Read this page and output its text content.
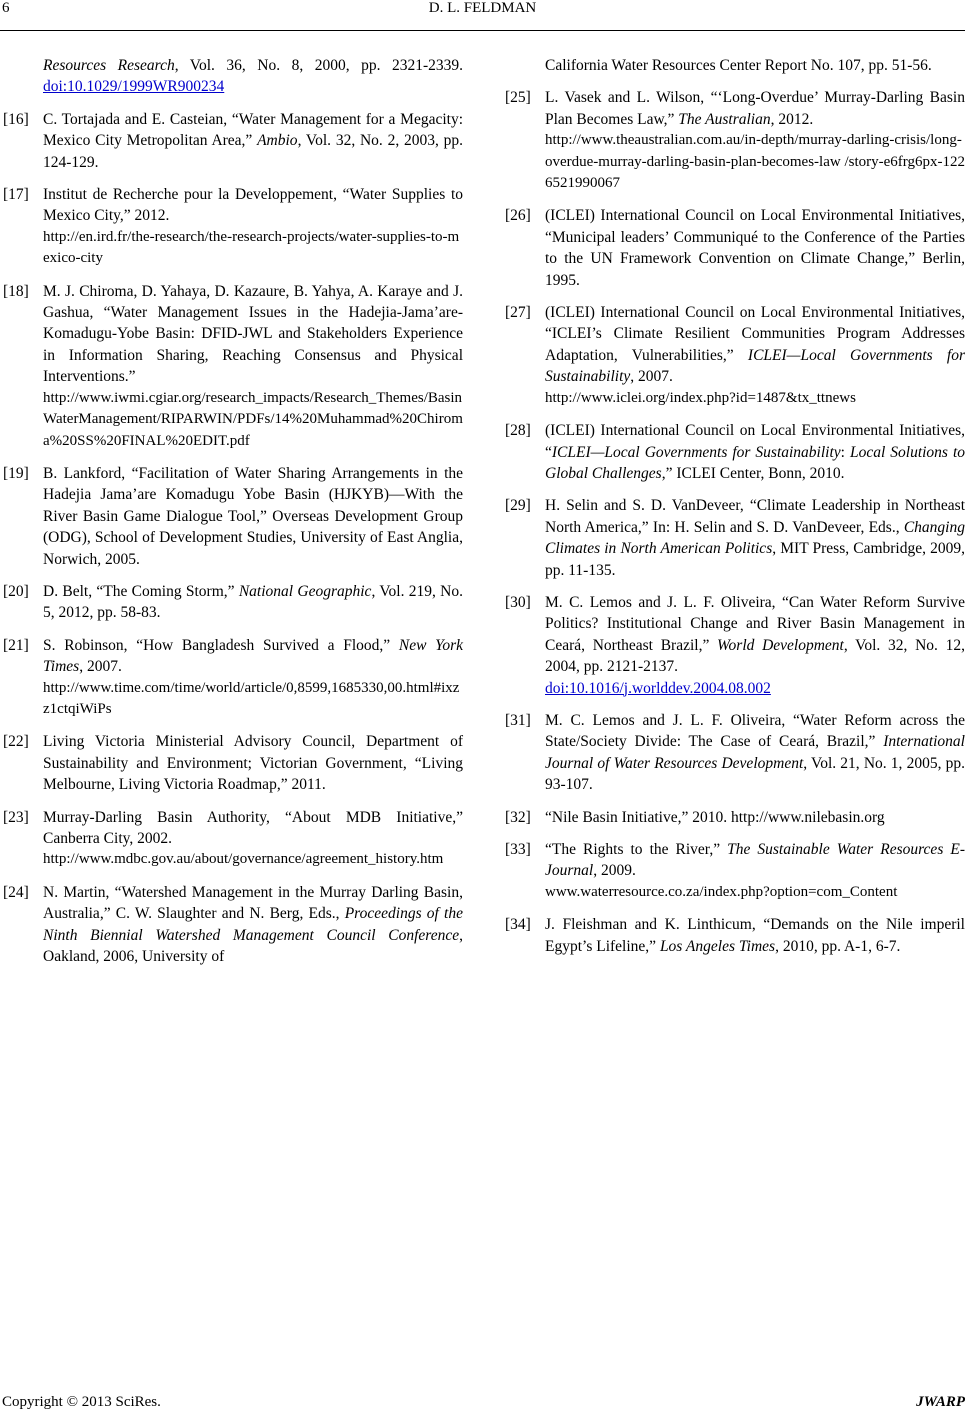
6	D. L. FELDMAN
Resources Research, Vol. 36, No. 8, 2000, pp. 2321-2339. doi:10.1029/1999WR900234
[16] C. Tortajada and E. Casteian, “Water Management for a Megacity: Mexico City Metropolitan Area,” Ambio, Vol. 32, No. 2, 2003, pp. 124-129.
[17] Institut de Recherche pour la Developpement, “Water Supplies to Mexico City,” 2012.
http://en.ird.fr/the-research/the-research-projects/water-supplies-to-mexico-city
[18] M. J. Chiroma, D. Yahaya, D. Kazaure, B. Yahya, A. Karaye and J. Gashua, “Water Management Issues in the Hadejia-Jama’are-Komadugu-Yobe Basin: DFID-JWL and Stakeholders Experience in Information Sharing, Reaching Consensus and Physical Interventions.”
http://www.iwmi.cgiar.org/research_impacts/Research_Themes/BasinWaterManagement/RIPARWIN/PDFs/14%20Muhammad%20Chiroma%20SS%20FINAL%20EDIT.pdf
[19] B. Lankford, “Facilitation of Water Sharing Arrangements in the Hadejia Jama’are Komadugu Yobe Basin (HJKYB)—With the River Basin Game Dialogue Tool,” Overseas Development Group (ODG), School of Development Studies, University of East Anglia, Norwich, 2005.
[20] D. Belt, “The Coming Storm,” National Geographic, Vol. 219, No. 5, 2012, pp. 58-83.
[21] S. Robinson, “How Bangladesh Survived a Flood,” New York Times, 2007.
http://www.time.com/time/world/article/0,8599,1685330,00.html#ixzz1ctqiWiPs
[22] Living Victoria Ministerial Advisory Council, Department of Sustainability and Environment; Victorian Government, “Living Melbourne, Living Victoria Roadmap,” 2011.
[23] Murray-Darling Basin Authority, “About MDB Initiative,” Canberra City, 2002.
http://www.mdbc.gov.au/about/governance/agreement_history.htm
[24] N. Martin, “Watershed Management in the Murray Darling Basin, Australia,” C. W. Slaughter and N. Berg, Eds., Proceedings of the Ninth Biennial Watershed Management Council Conference, Oakland, 2006, University of
California Water Resources Center Report No. 107, pp. 51-56.
[25] L. Vasek and L. Wilson, “‘Long-Overdue’ Murray-Darling Basin Plan Becomes Law,” The Australian, 2012.
http://www.theaustralian.com.au/in-depth/murray-darling-crisis/long-overdue-murray-darling-basin-plan-becomes-law /story-e6frg6px-1226521990067
[26] (ICLEI) International Council on Local Environmental Initiatives, “Municipal leaders’ Communiqué to the Conference of the Parties to the UN Framework Convention on Climate Change,” Berlin, 1995.
[27] (ICLEI) International Council on Local Environmental Initiatives, “ICLEI’s Climate Resilient Communities Program Addresses Adaptation, Vulnerabilities,” ICLEI—Local Governments for Sustainability, 2007.
http://www.iclei.org/index.php?id=1487&tx_ttnews
[28] (ICLEI) International Council on Local Environmental Initiatives, “ICLEI—Local Governments for Sustainability: Local Solutions to Global Challenges,” ICLEI Center, Bonn, 2010.
[29] H. Selin and S. D. VanDeveer, “Climate Leadership in Northeast North America,” In: H. Selin and S. D. VanDeveer, Eds., Changing Climates in North American Politics, MIT Press, Cambridge, 2009, pp. 11-135.
[30] M. C. Lemos and J. L. F. Oliveira, “Can Water Reform Survive Politics? Institutional Change and River Basin Management in Ceará, Northeast Brazil,” World Development, Vol. 32, No. 12, 2004, pp. 2121-2137.
doi:10.1016/j.worlddev.2004.08.002
[31] M. C. Lemos and J. L. F. Oliveira, “Water Reform across the State/Society Divide: The Case of Ceará, Brazil,” International Journal of Water Resources Development, Vol. 21, No. 1, 2005, pp. 93-107.
[32] “Nile Basin Initiative,” 2010. http://www.nilebasin.org
[33] “The Rights to the River,” The Sustainable Water Resources E-Journal, 2009.
www.waterresource.co.za/index.php?option=com_Content
[34] J. Fleishman and K. Linthicum, “Demands on the Nile imperil Egypt’s Lifeline,” Los Angeles Times, 2010, pp. A-1, 6-7.
Copyright © 2013 SciRes.	JWARP
